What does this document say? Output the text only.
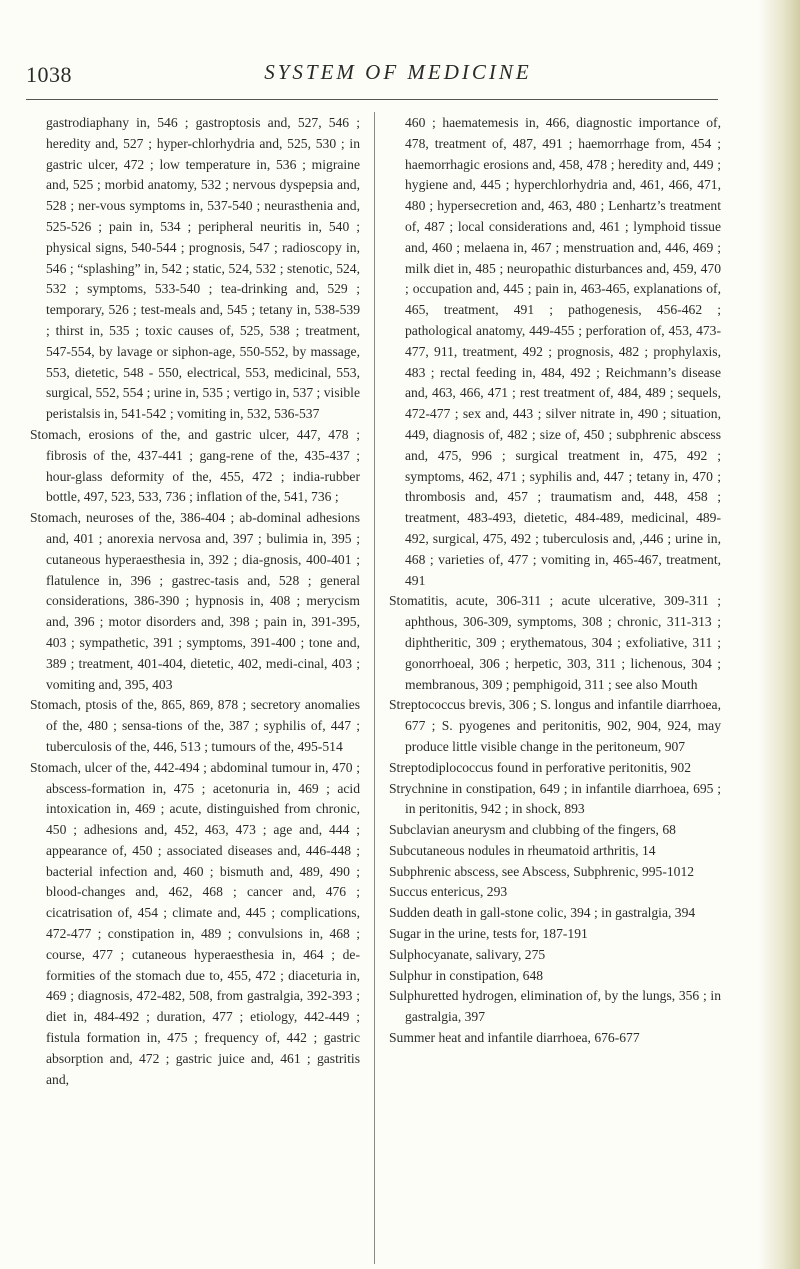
1038	SYSTEM OF MEDICINE

gastrodiaphany in, 546 ; gastroptosis and, 527, 546 ; heredity and, 527 ; hyper-chlorhydria and, 525, 530 ; in gastric ulcer, 472 ; low temperature in, 536 ; migraine and, 525 ; morbid anatomy, 532 ; nervous dyspepsia and, 528 ; ner-vous symptoms in, 537-540 ; neurasthenia and, 525-526 ; pain in, 534 ; peripheral neuritis in, 540 ; physical signs, 540-544 ; prognosis, 547 ; radioscopy in, 546 ; “splashing” in, 542 ; static, 524, 532 ; stenotic, 524, 532 ; symptoms, 533-540 ; tea-drinking and, 529 ; temporary, 526 ; test-meals and, 545 ; tetany in, 538-539 ; thirst in, 535 ; toxic causes of, 525, 538 ; treatment, 547-554, by lavage or siphon-age, 550-552, by massage, 553, dietetic, 548 - 550, electrical, 553, medicinal, 553, surgical, 552, 554 ; urine in, 535 ; vertigo in, 537 ; visible peristalsis in, 541-542 ; vomiting in, 532, 536-537

Stomach, erosions of the, and gastric ulcer, 447, 478 ; fibrosis of the, 437-441 ; gang-rene of the, 435-437 ; hour-glass deformity of the, 455, 472 ; india-rubber bottle, 497, 523, 533, 736 ; inflation of the, 541, 736 ;

Stomach, neuroses of the, 386-404 ; ab-dominal adhesions and, 401 ; anorexia nervosa and, 397 ; bulimia in, 395 ; cutaneous hyperaesthesia in, 392 ; dia-gnosis, 400-401 ; flatulence in, 396 ; gastrec-tasis and, 528 ; general considerations, 386-390 ; hypnosis in, 408 ; merycism and, 396 ; motor disorders and, 398 ; pain in, 391-395, 403 ; sympathetic, 391 ; symptoms, 391-400 ; tone and, 389 ; treatment, 401-404, dietetic, 402, medi-cinal, 403 ; vomiting and, 395, 403

Stomach, ptosis of the, 865, 869, 878 ; secretory anomalies of the, 480 ; sensa-tions of the, 387 ; syphilis of, 447 ; tuberculosis of the, 446, 513 ; tumours of the, 495-514

Stomach, ulcer of the, 442-494 ; abdominal tumour in, 470 ; abscess-formation in, 475 ; acetonuria in, 469 ; acid intoxication in, 469 ; acute, distinguished from chronic, 450 ; adhesions and, 452, 463, 473 ; age and, 444 ; appearance of, 450 ; associated diseases and, 446-448 ; bacterial infection and, 460 ; bismuth and, 489, 490 ; blood-changes and, 462, 468 ; cancer and, 476 ; cicatrisation of, 454 ; climate and, 445 ; complications, 472-477 ; constipation in, 489 ; convulsions in, 468 ; course, 477 ; cutaneous hyperaesthesia in, 464 ; de-formities of the stomach due to, 455, 472 ; diaceturia in, 469 ; diagnosis, 472-482, 508, from gastralgia, 392-393 ; diet in, 484-492 ; duration, 477 ; etiology, 442-449 ; fistula formation in, 475 ; frequency of, 442 ; gastric absorption and, 472 ; gastric juice and, 461 ; gastritis and,

460 ; haematemesis in, 466, diagnostic importance of, 478, treatment of, 487, 491 ; haemorrhage from, 454 ; haemorrhagic erosions and, 458, 478 ; heredity and, 449 ; hygiene and, 445 ; hyperchlorhydria and, 461, 466, 471, 480 ; hypersecretion and, 463, 480 ; Lenhartz’s treatment of, 487 ; local considerations and, 461 ; lymphoid tissue and, 460 ; melaena in, 467 ; menstruation and, 446, 469 ; milk diet in, 485 ; neuropathic disturbances and, 459, 470 ; occupation and, 445 ; pain in, 463-465, explanations of, 465, treatment, 491 ; pathogenesis, 456-462 ; pathological anatomy, 449-455 ; perforation of, 453, 473-477, 911, treatment, 492 ; prognosis, 482 ; prophylaxis, 483 ; rectal feeding in, 484, 492 ; Reichmann’s disease and, 463, 466, 471 ; rest treatment of, 484, 489 ; sequels, 472-477 ; sex and, 443 ; silver nitrate in, 490 ; situation, 449, diagnosis of, 482 ; size of, 450 ; subphrenic abscess and, 475, 996 ; surgical treatment in, 475, 492 ; symptoms, 462, 471 ; syphilis and, 447 ; tetany in, 470 ; thrombosis and, 457 ; traumatism and, 448, 458 ; treatment, 483-493, dietetic, 484-489, medicinal, 489-492, surgical, 475, 492 ; tuberculosis and, ,446 ; urine in, 468 ; varieties of, 477 ; vomiting in, 465-467, treatment, 491

Stomatitis, acute, 306-311 ; acute ulcerative, 309-311 ; aphthous, 306-309, symptoms, 308 ; chronic, 311-313 ; diphtheritic, 309 ; erythematous, 304 ; exfoliative, 311 ; gonorrhoeal, 306 ; herpetic, 303, 311 ; lichenous, 304 ; membranous, 309 ; pemphigoid, 311 ; see also Mouth

Streptococcus brevis, 306 ; S. longus and infantile diarrhoea, 677 ; S. pyogenes and peritonitis, 902, 904, 924, may produce little visible change in the peritoneum, 907

Streptodiplococcus found in perforative peritonitis, 902

Strychnine in constipation, 649 ; in infantile diarrhoea, 695 ; in peritonitis, 942 ; in shock, 893

Subclavian aneurysm and clubbing of the fingers, 68

Subcutaneous nodules in rheumatoid arthritis, 14

Subphrenic abscess, see Abscess, Subphrenic, 995-1012

Succus entericus, 293

Sudden death in gall-stone colic, 394 ; in gastralgia, 394

Sugar in the urine, tests for, 187-191

Sulphocyanate, salivary, 275

Sulphur in constipation, 648

Sulphuretted hydrogen, elimination of, by the lungs, 356 ; in gastralgia, 397

Summer heat and infantile diarrhoea, 676-677
